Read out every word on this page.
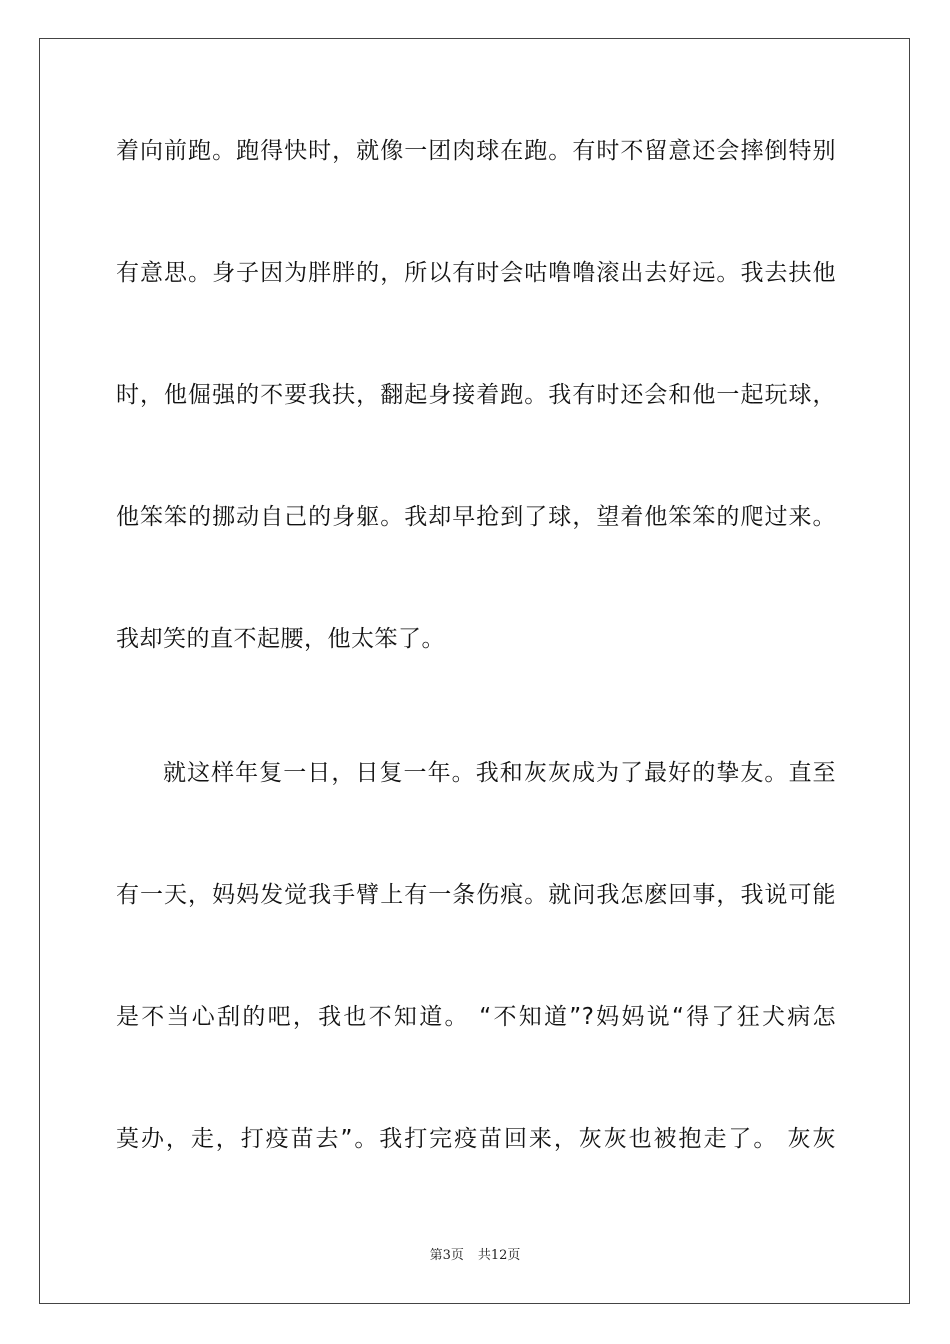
着向前跑。跑得快时，就像一团肉球在跑。有时不留意还会摔倒特别
有意思。身子因为胖胖的，所以有时会咕噜噜滚出去好远。我去扶他
时，他倔强的不要我扶，翻起身接着跑。我有时还会和他一起玩球，
他笨笨的挪动自己的身躯。我却早抢到了球，望着他笨笨的爬过来。
我却笑的直不起腰，他太笨了。
就这样年复一日，日复一年。我和灰灰成为了最好的挚友。直至
有一天，妈妈发觉我手臂上有一条伤痕。就问我怎麽回事，我说可能
是不当心刮的吧，我也不知道。 “不知道”?妈妈说“得了狂犬病怎
莫办，走，打疫苗去”。我打完疫苗回来，灰灰也被抱走了。 灰灰
第3页 共12页
